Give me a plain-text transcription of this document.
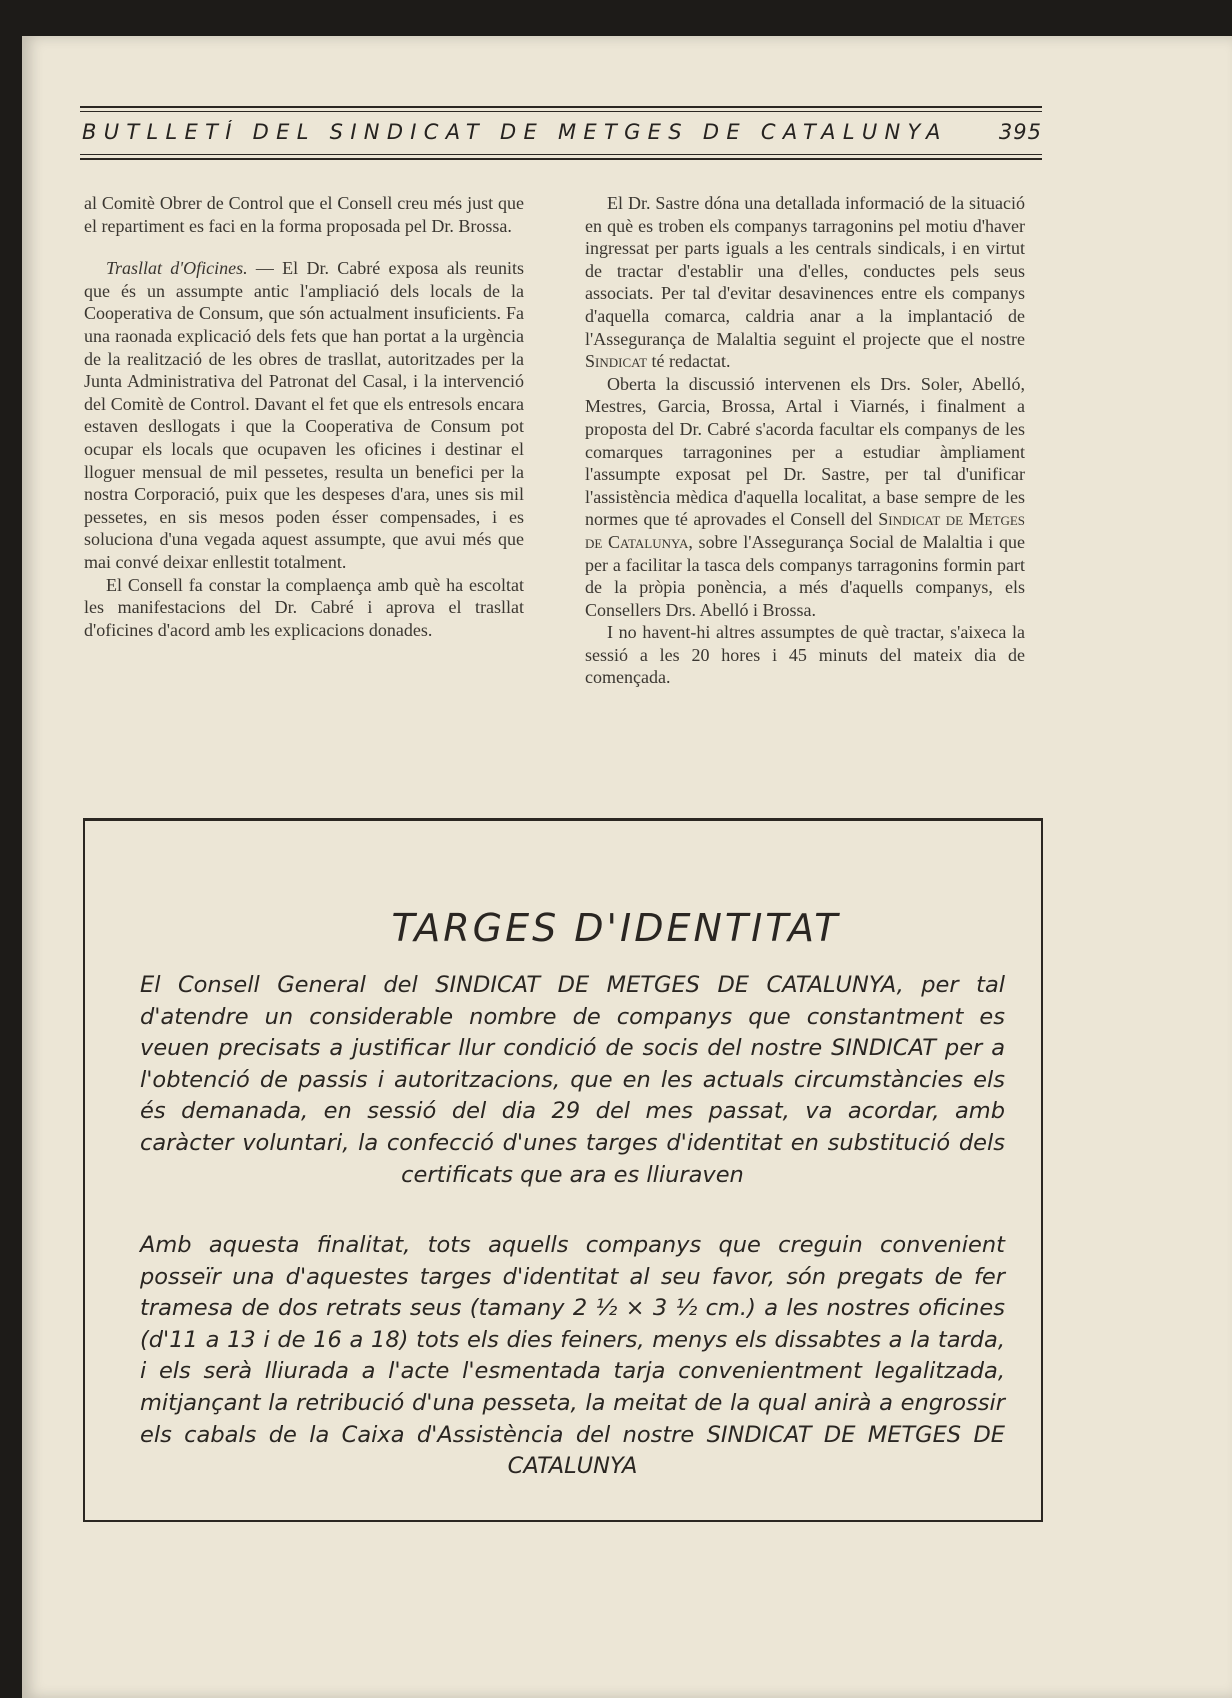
BUTLLETÍ DEL SINDICAT DE METGES DE CATALUNYA 395

al Comitè Obrer de Control que el Consell creu més just que el repartiment es faci en la forma proposada pel Dr. Brossa.

Trasllat d'Oficines. — El Dr. Cabré exposa als reunits que és un assumpte antic l'ampliació dels locals de la Cooperativa de Consum, que són actualment insuficients. Fa una raonada explicació dels fets que han portat a la urgència de la realització de les obres de trasllat, autoritzades per la Junta Administrativa del Patronat del Casal, i la intervenció del Comitè de Control. Davant el fet que els entresols encara estaven desllogats i que la Cooperativa de Consum pot ocupar els locals que ocupaven les oficines i destinar el lloguer mensual de mil pessetes, resulta un benefici per la nostra Corporació, puix que les despeses d'ara, unes sis mil pessetes, en sis mesos poden ésser compensades, i es soluciona d'una vegada aquest assumpte, que avui més que mai convé deixar enllestit totalment.

El Consell fa constar la complaença amb què ha escoltat les manifestacions del Dr. Cabré i aprova el trasllat d'oficines d'acord amb les explicacions donades.

El Dr. Sastre dóna una detallada informació de la situació en què es troben els companys tarragonins pel motiu d'haver ingressat per parts iguals a les centrals sindicals, i en virtut de tractar d'establir una d'elles, conductes pels seus associats. Per tal d'evitar desavinences entre els companys d'aquella comarca, caldria anar a la implantació de l'Assegurança de Malaltia seguint el projecte que el nostre Sindicat té redactat.

Oberta la discussió intervenen els Drs. Soler, Abelló, Mestres, Garcia, Brossa, Artal i Viarnés, i finalment a proposta del Dr. Cabré s'acorda facultar els companys de les comarques tarragonines per a estudiar àmpliament l'assumpte exposat pel Dr. Sastre, per tal d'unificar l'assistència mèdica d'aquella localitat, a base sempre de les normes que té aprovades el Consell del Sindicat de Metges de Catalunya, sobre l'Assegurança Social de Malaltia i que per a facilitar la tasca dels companys tarragonins formin part de la pròpia ponència, a més d'aquells companys, els Consellers Drs. Abelló i Brossa.

I no havent-hi altres assumptes de què tractar, s'aixeca la sessió a les 20 hores i 45 minuts del mateix dia de començada.

TARGES D'IDENTITAT
El Consell General del SINDICAT DE METGES DE CATALUNYA, per tal d'atendre un considerable nombre de companys que constantment es veuen precisats a justificar llur condició de socis del nostre SINDICAT per a l'obtenció de passis i autoritzacions, que en les actuals circumstàncies els és demanada, en sessió del dia 29 del mes passat, va acordar, amb caràcter voluntari, la confecció d'unes targes d'identitat en substitució dels certificats que ara es lliuraven
Amb aquesta finalitat, tots aquells companys que creguin convenient posseïr una d'aquestes targes d'identitat al seu favor, són pregats de fer tramesa de dos retrats seus (tamany 2 ½ × 3 ½ cm.) a les nostres oficines (d'11 a 13 i de 16 a 18) tots els dies feiners, menys els dissabtes a la tarda, i els serà lliurada a l'acte l'esmentada tarja convenientment legalitzada, mitjançant la retribució d'una pesseta, la meitat de la qual anirà a engrossir els cabals de la Caixa d'Assistència del nostre SINDICAT DE METGES DE CATALUNYA
